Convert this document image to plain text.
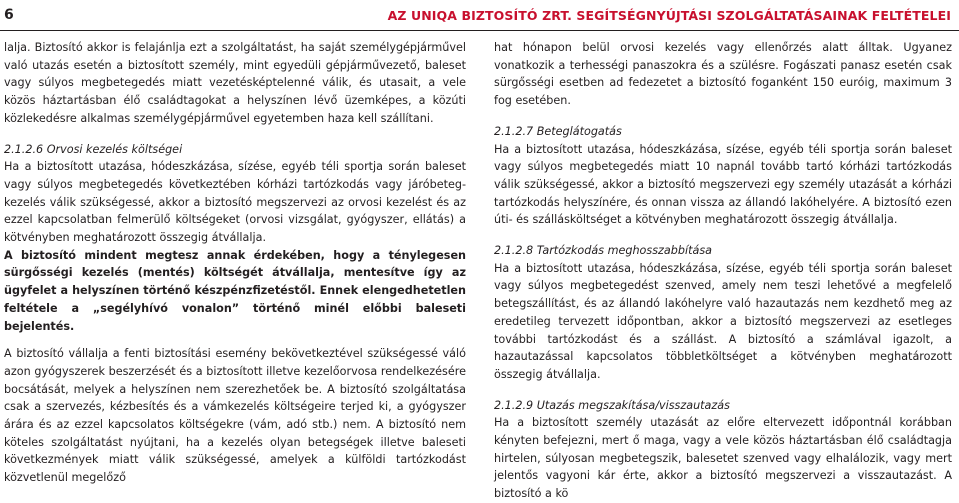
6	AZ UNIQA BIZTOSÍTÓ ZRT. SEGÍTSÉGNYÚJTÁSI SZOLGÁLTATÁSAINAK FELTÉTELEI

lalja. Biztosító akkor is felajánlja ezt a szolgáltatást, ha saját személygépjárművel való utazás esetén a biztosított személy, mint egyedüli gépjárművezető, baleset vagy súlyos megbetegedés miatt vezetésképtelenné válik, és utasait, a vele közös háztartásban élő családtagokat a helyszínen lévő üzemképes, a közúti közlekedésre alkalmas személygépjárművel egyetemben haza kell szállítani.

2.1.2.6 Orvosi kezelés költségei

Ha a biztosított utazása, hódeszkázása, sízése, egyéb téli sportja során baleset vagy súlyos megbetegedés következtében kórházi tartózkodás vagy járóbeteg-kezelés válik szükségessé, akkor a biztosító megszervezi az orvosi kezelést és az ezzel kapcsolatban felmerülő költségeket (orvosi vizsgálat, gyógyszer, ellátás) a kötvényben meghatározott összegig átvállalja.

A biztosító mindent megtesz annak érdekében, hogy a ténylegesen sürgősségi kezelés (mentés) költségét átvállalja, mentesítve így az ügyfelet a helyszínen történő készpénzfizetéstől. Ennek elengedhetetlen feltétele a „segélyhívó vonalon” történő minél előbbi baleseti bejelentés.

A biztosító vállalja a fenti biztosítási esemény bekövetkeztével szükségessé váló azon gyógyszerek beszerzését és a biztosított illetve kezelőorvosa rendelkezésére bocsátását, melyek a helyszínen nem szerezhetőek be. A biztosító szolgáltatása csak a szervezés, kézbesítés és a vámkezelés költségeire terjed ki, a gyógyszer árára és az ezzel kapcsolatos költségekre (vám, adó stb.) nem. A biztosító nem köteles szolgáltatást nyújtani, ha a kezelés olyan betegségek illetve baleseti következmények miatt válik szükségessé, amelyek a külföldi tartózkodást közvetlenül megelőző

hat hónapon belül orvosi kezelés vagy ellenőrzés alatt álltak. Ugyanez vonatkozik a terhességi panaszokra és a szülésre. Fogászati panasz esetén csak sürgősségi esetben ad fedezetet a biztosító foganként 150 euróig, maximum 3 fog esetében.

2.1.2.7 Beteglátogatás

Ha a biztosított utazása, hódeszkázása, sízése, egyéb téli sportja során baleset vagy súlyos megbetegedés miatt 10 napnál tovább tartó kórházi tartózkodás válik szükségessé, akkor a biztosító megszervezi egy személy utazását a kórházi tartózkodás helyszínére, és onnan vissza az állandó lakóhelyére. A biztosító ezen úti- és szállásköltséget a kötvényben meghatározott összegig átvállalja.

2.1.2.8 Tartózkodás meghosszabbítása

Ha a biztosított utazása, hódeszkázása, sízése, egyéb téli sportja során baleset vagy súlyos megbetegedést szenved, amely nem teszi lehetővé a megfelelő betegszállítást, és az állandó lakóhelyre való hazautazás nem kezdhető meg az eredetileg tervezett időpontban, akkor a biztosító megszervezi az esetleges további tartózkodást és a szállást. A biztosító a számlával igazolt, a hazautazással kapcsolatos többletköltséget a kötvényben meghatározott összegig átvállalja.

2.1.2.9 Utazás megszakítása/visszautazás

Ha a biztosított személy utazását az előre eltervezett időpontnál korábban kényten befejezni, mert ő maga, vagy a vele közös háztartásban élő családtagja hirtelen, súlyosan megbetegszik, balesetet szenved vagy elhalálozik, vagy mert jelentős vagyoni kár érte, akkor a biztosító megszervezi a visszautazást. A biztosító a kö
